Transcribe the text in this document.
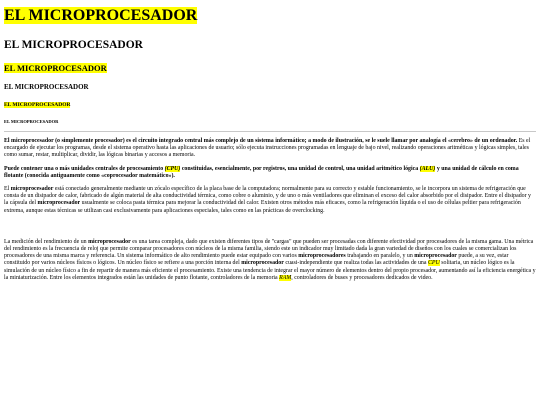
EL MICROPROCESADOR
EL MICROPROCESADOR
EL MICROPROCESADOR
EL MICROPROCESADOR
EL MICROPROCESADOR
EL MICROPROCESADOR

El microprocesador (o simplemente procesador) es el circuito integrado central más complejo de un sistema informático; a modo de ilustración, se le suele llamar por analogía el «cerebro» de un ordenador. Es el encargado de ejecutar los programas, desde el sistema operativo hasta las aplicaciones de usuario; sólo ejecuta instrucciones programadas en lenguaje de bajo nivel, realizando operaciones aritméticas y lógicas simples, tales como sumar, restar, multiplicar, dividir, las lógicas binarias y accesos a memoria.

Puede contener una o más unidades centrales de procesamiento (CPU) constituidas, esencialmente, por registros, una unidad de control, una unidad aritmético lógica (ALU) y una unidad de cálculo en coma flotante (conocida antiguamente como «coprocesador matemático»).

El microprocesador está conectado generalmente mediante un zócalo específico de la placa base de la computadora; normalmente para su correcto y estable funcionamiento, se le incorpora un sistema de refrigeración que consta de un disipador de calor, fabricado de algún material de alta conductividad térmica, como cobre o aluminio, y de uno o más ventiladores que eliminan el exceso del calor absorbido por el disipador. Entre el disipador y la cápsula del microprocesador usualmente se coloca pasta térmica para mejorar la conductividad del calor. Existen otros métodos más eficaces, como la refrigeración líquida o el uso de células peltier para refrigeración extrema, aunque estas técnicas se utilizan casi exclusivamente para aplicaciones especiales, tales como en las prácticas de overclocking.

La medición del rendimiento de un microprocesador es una tarea compleja, dado que existen diferentes tipos de "cargas" que pueden ser procesadas con diferente efectividad por procesadores de la misma gama. Una métrica del rendimiento es la frecuencia de reloj que permite comparar procesadores con núcleos de la misma familia, siendo este un indicador muy limitado dada la gran variedad de diseños con los cuales se comercializan los procesadores de una misma marca y referencia. Un sistema informático de alto rendimiento puede estar equipado con varios microprocesadores trabajando en paralelo, y un microprocesador puede, a su vez, estar constituido por varios núcleos físicos o lógicos. Un núcleo físico se refiere a una porción interna del microprocesador cuasi-independiente que realiza todas las actividades de una CPU solitaria, un núcleo lógico es la simulación de un núcleo físico a fin de repartir de manera más eficiente el procesamiento. Existe una tendencia de integrar el mayor número de elementos dentro del propio procesador, aumentando así la eficiencia energética y la miniaturización. Entre los elementos integrados están las unidades de punto flotante, controladores de la memoria RAM, controladores de buses y procesadores dedicados de video.
